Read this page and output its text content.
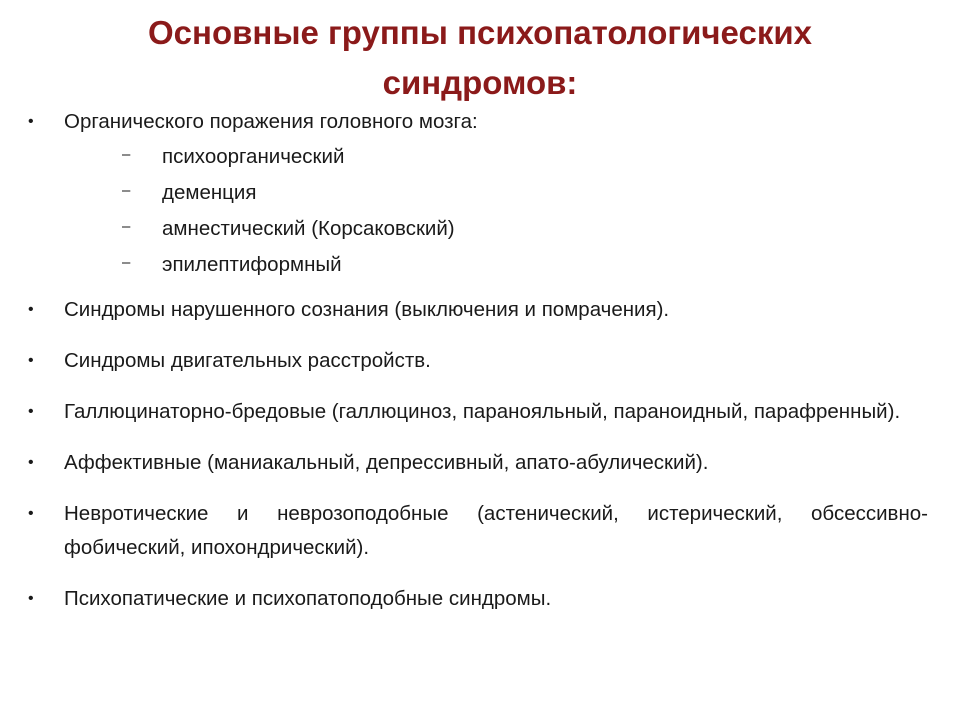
Основные группы психопатологических синдромов:
•	Органического поражения головного мозга:
– психоорганический
– деменция
– амнестический (Корсаковский)
– эпилептиформный
•	Синдромы нарушенного сознания (выключения и помрачения).
•	Синдромы двигательных расстройств.
•	Галлюцинаторно-бредовые (галлюциноз, паранояльный, параноидный, парафренный).
•	Аффективные (маниакальный, депрессивный, апато-абулический).
•	Невротические и неврозоподобные (астенический, истерический, обсессивно-фобический, ипохондрический).
•	Психопатические и психопатоподобные синдромы.
